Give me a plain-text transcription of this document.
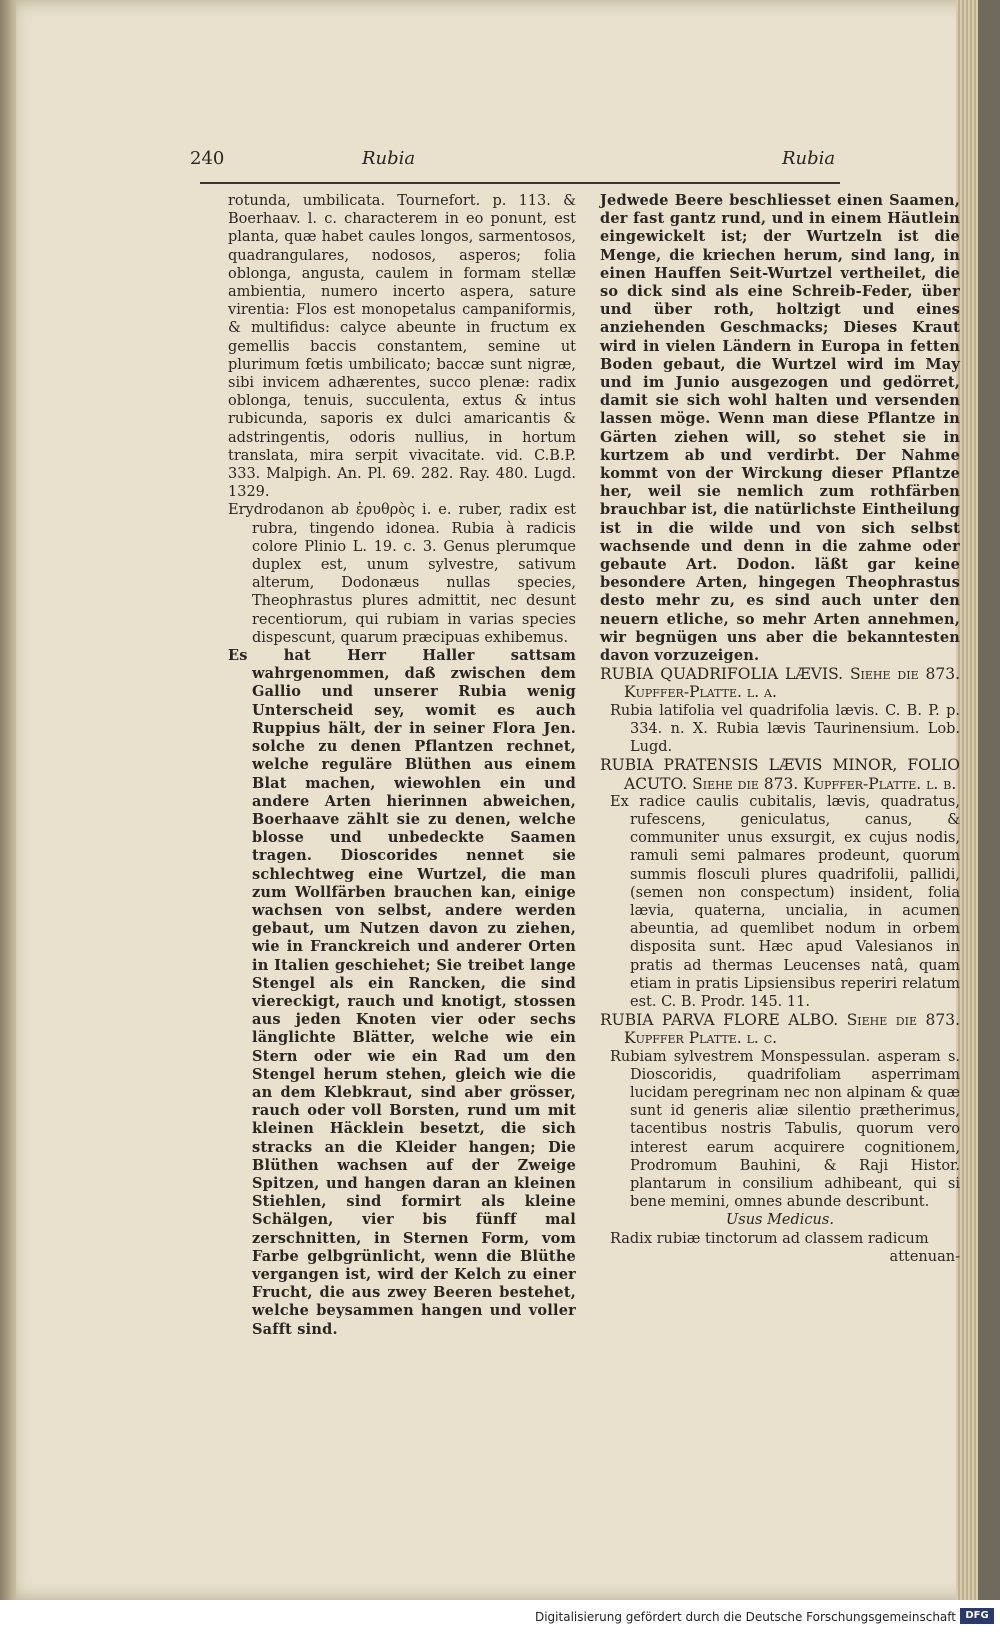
240	Rubia	Rubia

rotunda, umbilicata. Tournefort. p. 113. & Boerhaav. l. c. characterem in eo ponunt, est planta, quæ habet caules longos, sarmentosos, quadrangulares, nodosos, asperos; folia oblonga, angusta, caulem in formam stellæ ambientia, numero incerto aspera, sature virentia: Flos est monopetalus campaniformis, & multifidus: calyce abeunte in fructum ex gemellis baccis constantem, semine ut plurimum fœtis umbilicato; baccæ sunt nigræ, sibi invicem adhærentes, succo plenæ: radix oblonga, tenuis, succulenta, extus & intus rubicunda, saporis ex dulci amaricantis & adstringentis, odoris nullius, in hortum translata, mira serpit vivacitate. vid. C.B.P. 333. Malpigh. An. Pl. 69. 282. Ray. 480. Lugd. 1329.

Erydrodanon ab ἐρυθρὸς i. e. ruber, radix est rubra, tingendo idonea. Rubia à radicis colore Plinio L. 19. c. 3. Genus plerumque duplex est, unum sylvestre, sativum alterum, Dodonæus nullas species, Theophrastus plures admittit, nec desunt recentiorum, qui rubiam in varias species dispescunt, quarum præcipuas exhibemus.

Es hat Herr Haller sattsam wahrgenommen, daß zwischen dem Gallio und unserer Rubia wenig Unterscheid sey, womit es auch Ruppius hält, der in seiner Flora Jen. solche zu denen Pflantzen rechnet, welche reguläre Blüthen aus einem Blat machen, wiewohlen ein und andere Arten hierinnen abweichen, Boerhaave zählt sie zu denen, welche blosse und unbedeckte Saamen tragen. Dioscorides nennet sie schlechtweg eine Wurtzel, die man zum Wollfärben brauchen kan, einige wachsen von selbst, andere werden gebaut, um Nutzen davon zu ziehen, wie in Franckreich und anderer Orten in Italien geschiehet; Sie treibet lange Stengel als ein Rancken, die sind viereckigt, rauch und knotigt, stossen aus jeden Knoten vier oder sechs länglichte Blätter, welche wie ein Stern oder wie ein Rad um den Stengel herum stehen, gleich wie die an dem Klebkraut, sind aber grösser, rauch oder voll Borsten, rund um mit kleinen Häcklein besetzt, die sich stracks an die Kleider hangen; Die Blüthen wachsen auf der Zweige Spitzen, und hangen daran an kleinen Stiehlen, sind formirt als kleine Schälgen, vier bis fünff mal zerschnitten, in Sternen Form, vom Farbe gelbgrünlicht, wenn die Blüthe vergangen ist, wird der Kelch zu einer Frucht, die aus zwey Beeren bestehet, welche beysammen hangen und voller Safft sind.

Jedwede Beere beschliesset einen Saamen, der fast gantz rund, und in einem Häutlein eingewickelt ist; der Wurtzeln ist die Menge, die kriechen herum, sind lang, in einen Hauffen Seit-Wurtzel vertheilet, die so dick sind als eine Schreib-Feder, über und über roth, holtzigt und eines anziehenden Geschmacks; Dieses Kraut wird in vielen Ländern in Europa in fetten Boden gebaut, die Wurtzel wird im May und im Junio ausgezogen und gedörret, damit sie sich wohl halten und versenden lassen möge. Wenn man diese Pflantze in Gärten ziehen will, so stehet sie in kurtzem ab und verdirbt. Der Nahme kommt von der Wirckung dieser Pflantze her, weil sie nemlich zum rothfärben brauchbar ist, die natürlichste Eintheilung ist in die wilde und von sich selbst wachsende und denn in die zahme oder gebaute Art. Dodon. läßt gar keine besondere Arten, hingegen Theophrastus desto mehr zu, es sind auch unter den neuern etliche, so mehr Arten annehmen, wir begnügen uns aber die bekanntesten davon vorzuzeigen.

RUBIA QUADRIFOLIA LÆVIS. Siehe die 873. Kupffer-Platte. l. a.

Rubia latifolia vel quadrifolia lævis. C. B. P. p. 334. n. X. Rubia lævis Taurinensium. Lob. Lugd.

RUBIA PRATENSIS LÆVIS MINOR, FOLIO ACUTO. Siehe die 873. Kupffer-Platte. l. b.

Ex radice caulis cubitalis, lævis, quadratus, rufescens, geniculatus, canus, & communiter unus exsurgit, ex cujus nodis, ramuli semi palmares prodeunt, quorum summis flosculi plures quadrifolii, pallidi, (semen non conspectum) insident, folia lævia, quaterna, uncialia, in acumen abeuntia, ad quemlibet nodum in orbem disposita sunt. Hæc apud Valesianos in pratis ad thermas Leucenses natâ, quam etiam in pratis Lipsiensibus reperiri relatum est. C. B. Prodr. 145. 11.

RUBIA PARVA FLORE ALBO. Siehe die 873. Kupffer Platte. l. c.

Rubiam sylvestrem Monspessulan. asperam s. Dioscoridis, quadrifoliam asperrimam lucidam peregrinam nec non alpinam & quæ sunt id generis aliæ silentio prætherimus, tacentibus nostris Tabulis, quorum vero interest earum acquirere cognitionem, Prodromum Bauhini, & Raji Histor. plantarum in consilium adhibeant, qui si bene memini, omnes abunde describunt.

Usus Medicus.

Radix rubiæ tinctorum ad classem radicum

attenuan-

Digitalisierung gefördert durch die Deutsche Forschungsgemeinschaft DFG
